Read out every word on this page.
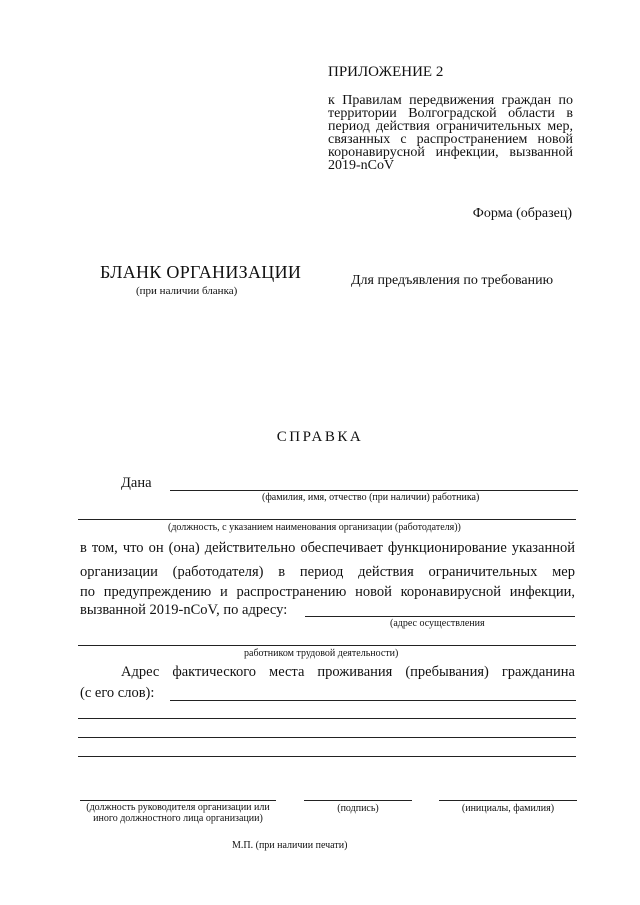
ПРИЛОЖЕНИЕ 2
к Правилам передвижения граждан по территории Волгоградской области в период действия ограничительных мер, связанных с распространением новой коронавирусной инфекции, вызванной 2019-nCoV
Форма (образец)
БЛАНК ОРГАНИЗАЦИИ
(при наличии бланка)
Для предъявления по требованию
СПРАВКА
Дана
(фамилия, имя, отчество (при наличии) работника)
(должность, с указанием наименования организации (работодателя))
в том, что он (она) действительно обеспечивает функционирование указанной
организации (работодателя) в период действия ограничительных мер
по предупреждению и распространению новой коронавирусной инфекции,
вызванной 2019-nCoV, по адресу:
(адрес осуществления
работником трудовой деятельности)
Адрес фактического места проживания (пребывания) гражданина
(с его слов):
(должность руководителя организации или иного должностного лица организации)
(подпись)	(инициалы, фамилия)
М.П. (при наличии печати)
